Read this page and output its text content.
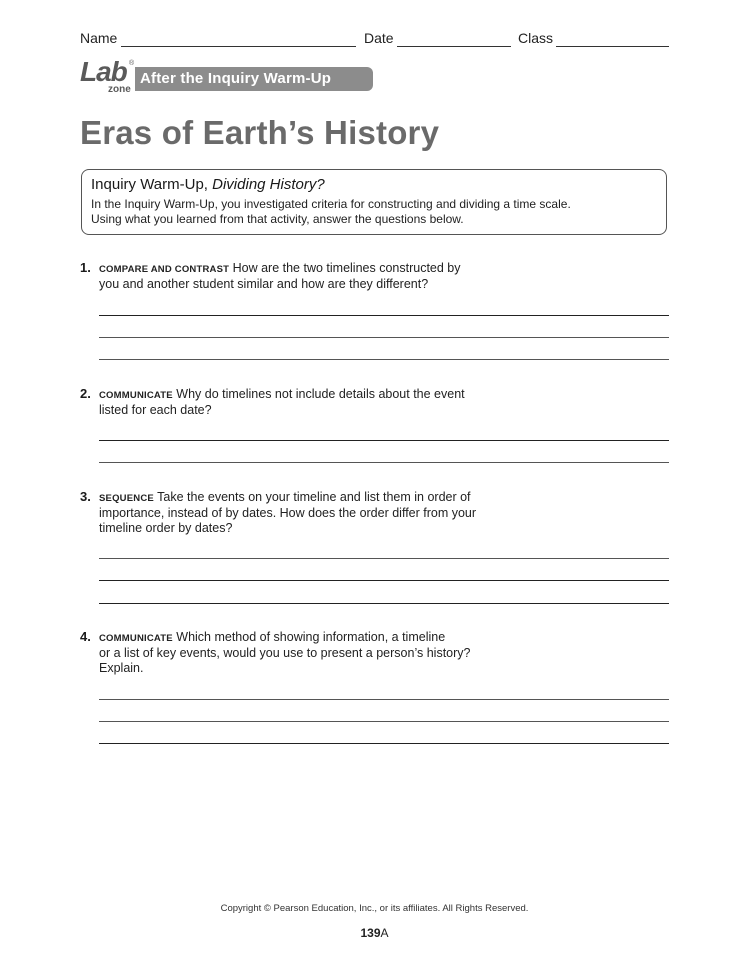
Name	Date	Class
After the Inquiry Warm-Up
Lab ®
zone
Eras of Earth’s History
Inquiry Warm-Up, Dividing History?
In the Inquiry Warm-Up, you investigated criteria for constructing and dividing a time scale. Using what you learned from that activity, answer the questions below.
1. COMPARE AND CONTRAST How are the two timelines constructed by
you and another student similar and how are they different?
2. COMMUNICATE Why do timelines not include details about the event
listed for each date?
3. SEQUENCE Take the events on your timeline and list them in order of
importance, instead of by dates. How does the order differ from your
timeline order by dates?
4. COMMUNICATE Which method of showing information, a timeline
or a list of key events, would you use to present a person’s history?
Explain.
Copyright © Pearson Education, Inc., or its affiliates. All Rights Reserved.
139A
